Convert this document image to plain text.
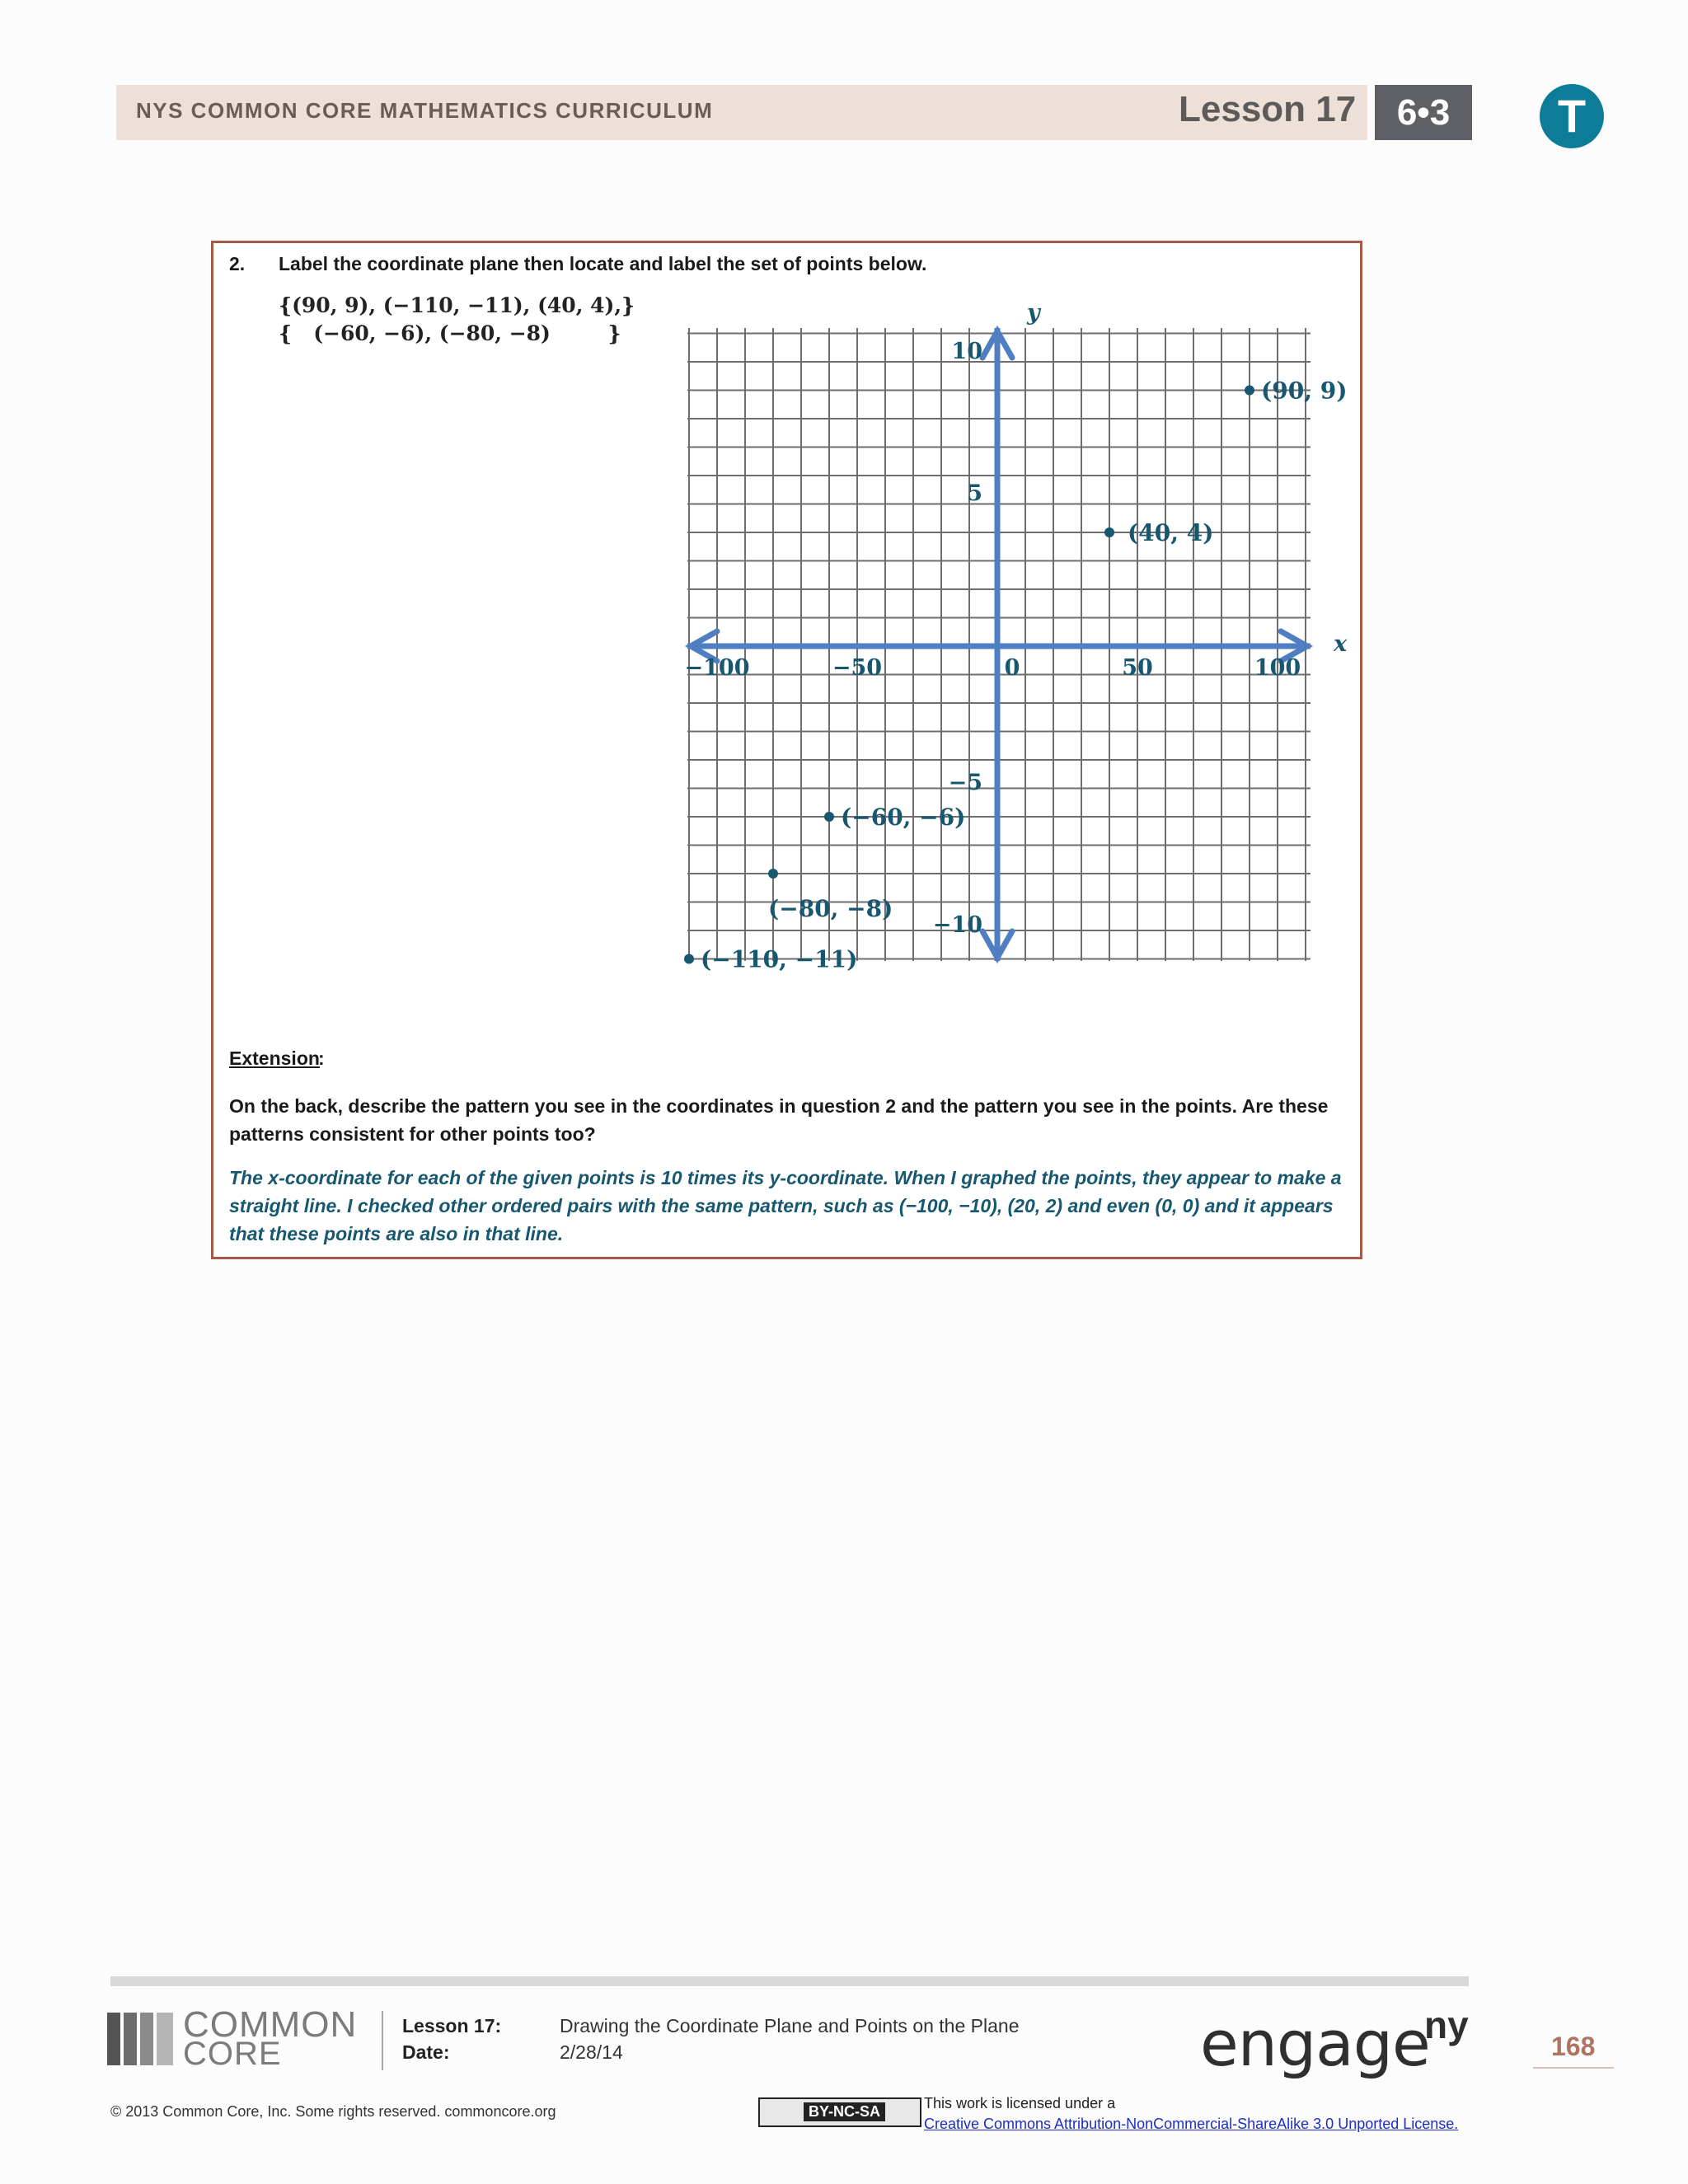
NYS COMMON CORE MATHEMATICS CURRICULUM	Lesson 17	6•3	T
2. Label the coordinate plane then locate and label the set of points below.
{(90, 9), (−110, −11), (40, 4),}
{   (−60, −6), (−80, −8)        }
x
y
−100	−50	0	50	100
10
5
−5
−10
(90, 9)
(40, 4)
(−60, −6)
(−80, −8)
(−110, −11)
Extension
:
On the back, describe the pattern you see in the coordinates in question 2 and the pattern you see in the points. Are these patterns consistent for other points too?
The x-coordinate for each of the given points is 10 times its y-coordinate. When I graphed the points, they appear to make a straight line. I checked other ordered pairs with the same pattern, such as (−100, −10), (20, 2) and even (0, 0) and it appears that these points are also in that line.
COMMON
CORE
Lesson 17:
Date:
Drawing the Coordinate Plane and Points on the Plane
2/28/14	engage
ny	168
© 2013 Common Core, Inc. Some rights reserved. commoncore.org	BY-NC-SA	This work is licensed under a
Creative Commons Attribution-NonCommercial-ShareAlike 3.0 Unported License.
